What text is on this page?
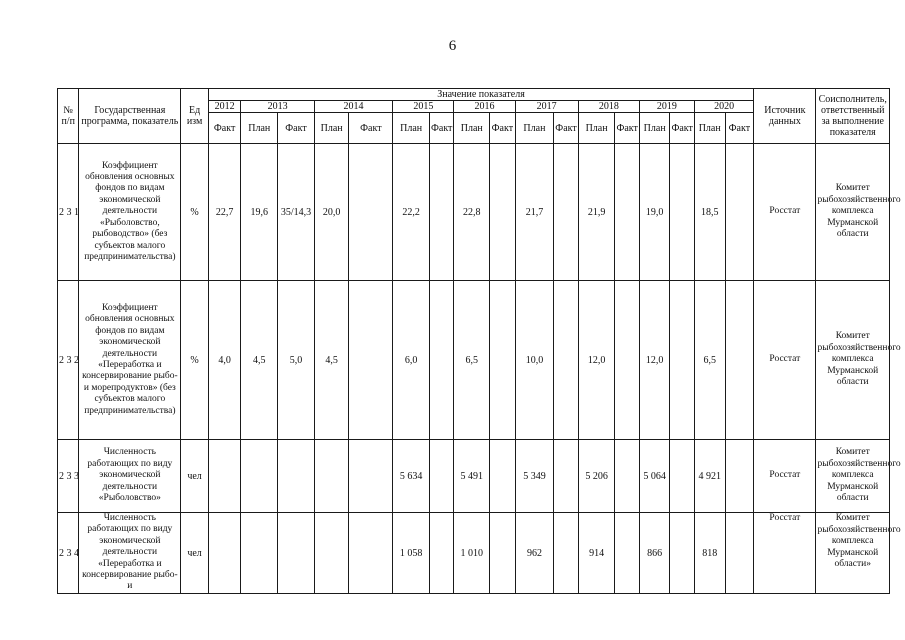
6
№ п/п	Государственная программа, показатель	Ед изм	Значение показателя																	Источник данных	Соисполнитель, ответственный за выполнение показателя
			2012	2013		2014		2015		2016		2017		2018		2019		2020			
			Факт	План	Факт	План	Факт	План	Факт	План	Факт	План	Факт	План	Факт	План	Факт	План	Факт		
2 3 1	Коэффициент обновления основных фондов по видам экономической деятельности «Рыболовство, рыбоводство» (без субъектов малого предпринимательства)	%	22,7	19,6	35/14,3	20,0		22,2		22,8		21,7		21,9		19,0		18,5		Росстат	Комитет рыбохозяйственного комплекса Мурманской области
2 3 2	Коэффициент обновления основных фондов по видам экономической деятельности «Переработка и консервирование рыбо- и морепродуктов» (без субъектов малого предпринимательства)	%	4,0	4,5	5,0	4,5		6,0		6,5		10,0		12,0		12,0		6,5		Росстат	Комитет рыбохозяйственного комплекса Мурманской области
2 3 3	Численность работающих по виду экономической деятельности «Рыболовство»	чел						5 634		5 491		5 349		5 206		5 064		4 921		Росстат	Комитет рыбохозяйственного комплекса Мурманской области
2 3 4	Численность работающих по виду экономической деятельности «Переработка и консервирование рыбо- и	чел						1 058		1 010		962		914		866		818		Росстат	Комитет рыбохозяйственного комплекса Мурманской области»
